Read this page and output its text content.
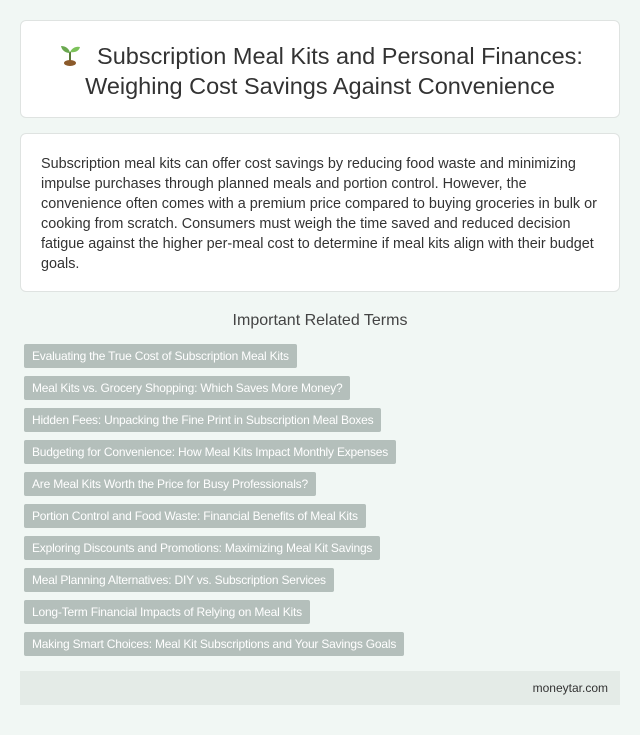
Subscription Meal Kits and Personal Finances:
Weighing Cost Savings Against Convenience

Subscription meal kits can offer cost savings by reducing food waste and minimizing impulse purchases through planned meals and portion control. However, the convenience often comes with a premium price compared to buying groceries in bulk or cooking from scratch. Consumers must weigh the time saved and reduced decision fatigue against the higher per-meal cost to determine if meal kits align with their budget goals.

Important Related Terms
Evaluating the True Cost of Subscription Meal Kits
Meal Kits vs. Grocery Shopping: Which Saves More Money?
Hidden Fees: Unpacking the Fine Print in Subscription Meal Boxes
Budgeting for Convenience: How Meal Kits Impact Monthly Expenses
Are Meal Kits Worth the Price for Busy Professionals?
Portion Control and Food Waste: Financial Benefits of Meal Kits
Exploring Discounts and Promotions: Maximizing Meal Kit Savings
Meal Planning Alternatives: DIY vs. Subscription Services
Long-Term Financial Impacts of Relying on Meal Kits
Making Smart Choices: Meal Kit Subscriptions and Your Savings Goals
moneytar.com
